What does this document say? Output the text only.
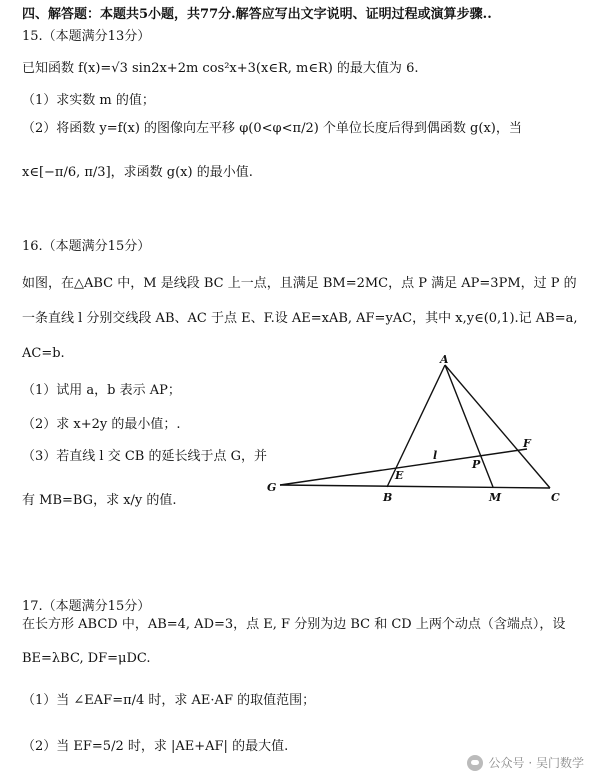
四、解答题：本题共5小题，共77分.解答应写出文字说明、证明过程或演算步骤..
15.（本题满分13分）
已知函数 f(x)=√3 sin2x+2m cos²x+3(x∈R, m∈R) 的最大值为 6.
（1）求实数 m 的值；
（2）将函数 y=f(x) 的图像向左平移 φ(0<φ<π/2) 个单位长度后得到偶函数 g(x)，当
x∈[−π/6, π/3]，求函数 g(x) 的最小值.
16.（本题满分15分）
如图，在△ABC 中，M 是线段 BC 上一点，且满足 BM=2MC，点 P 满足 AP=3PM，过 P 的
一条直线 l 分别交线段 AB、AC 于点 E、F.设 AE=xAB, AF=yAC，其中 x,y∈(0,1).记 AB=a,
AC=b.
（1）试用 a，b 表示 AP；
（2）求 x+2y 的最小值；.
（3）若直线 l 交 CB 的延长线于点 G，并
有 MB=BG，求 x/y 的值.
A
G
B	M	C
E
F
P
l
17.（本题满分15分）
在长方形 ABCD 中，AB=4, AD=3，点 E, F 分别为边 BC 和 CD 上两个动点（含端点），设
BE=λBC, DF=μDC.
（1）当 ∠EAF=π/4 时，求 AE·AF 的取值范围；
（2）当 EF=5/2 时，求 |AE+AF| 的最大值.
公众号 · 吴门数学
